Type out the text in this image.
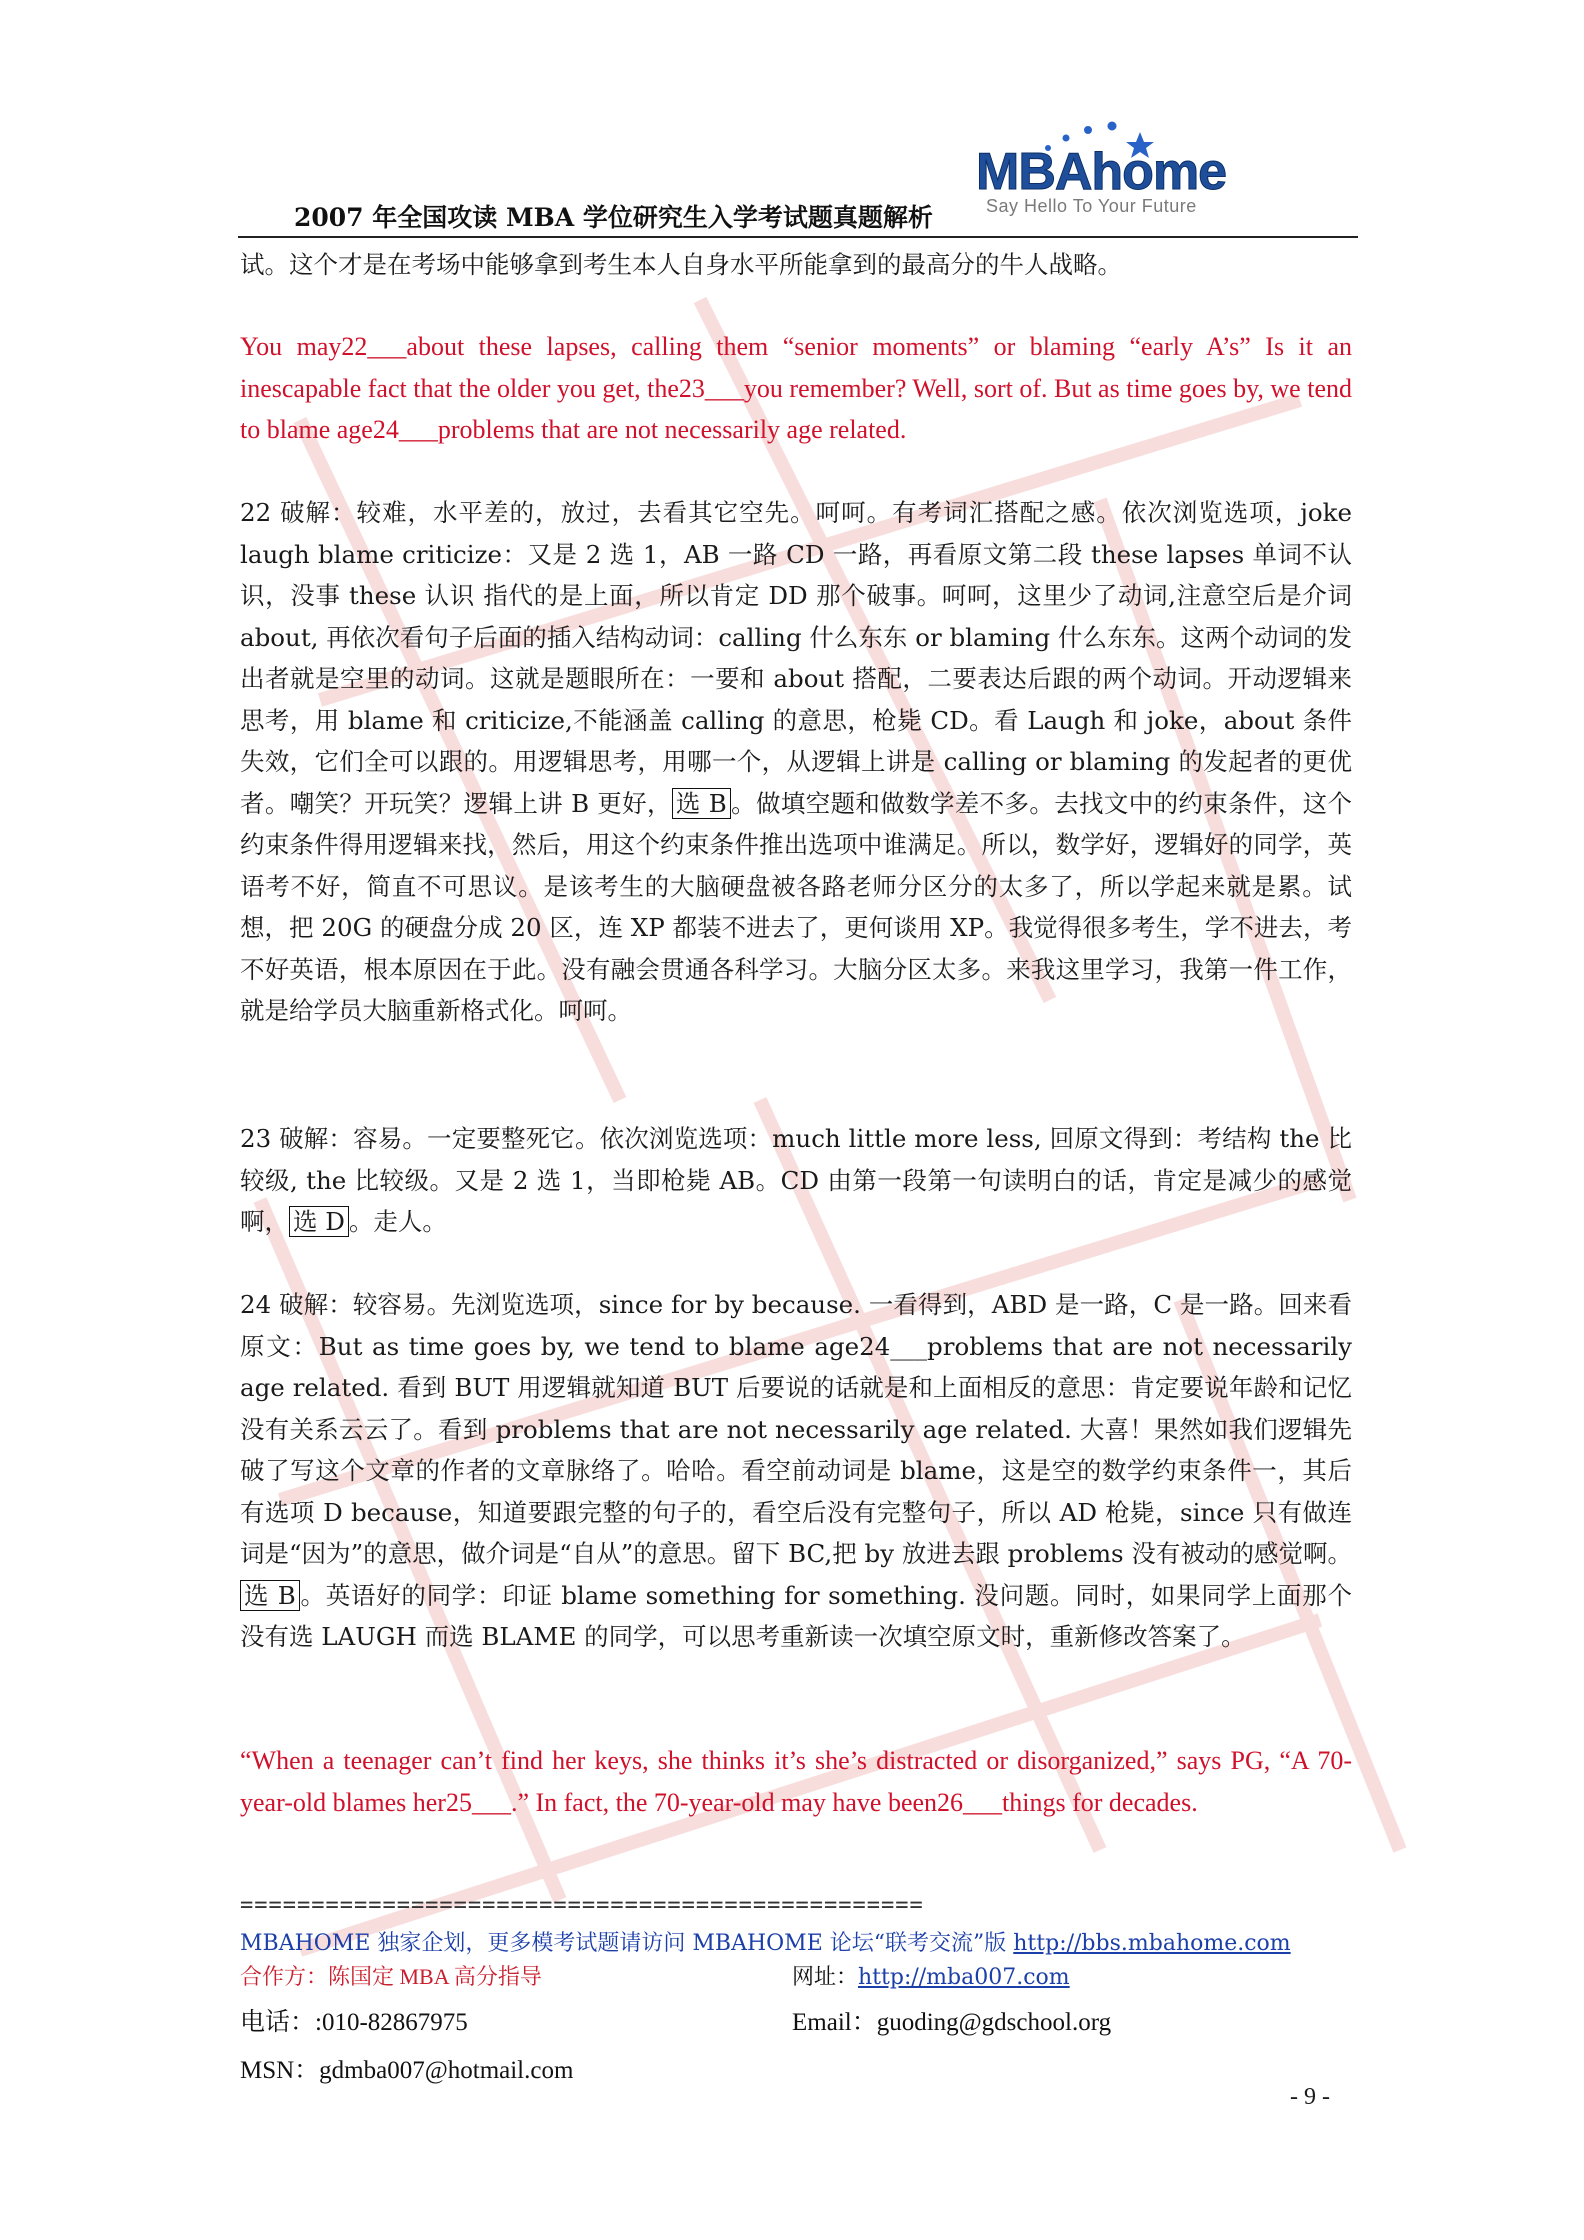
MBAhome
Say Hello To Your Future
2007 年全国攻读 MBA 学位研究生入学考试题真题解析
试。这个才是在考场中能够拿到考生本人自身水平所能拿到的最高分的牛人战略。
You may22___about these lapses, calling them “senior moments” or blaming “early A’s” Is it an inescapable fact that the older you get, the23___you remember? Well, sort of. But as time goes by, we tend to blame age24___problems that are not necessarily age related.
22 破解：较难，水平差的，放过，去看其它空先。呵呵。有考词汇搭配之感。依次浏览选项，joke laugh blame criticize：又是 2 选 1，AB 一路 CD 一路，再看原文第二段 these lapses 单词不认识，没事 these 认识 指代的是上面，所以肯定 DD 那个破事。呵呵，这里少了动词,注意空后是介词 about, 再依次看句子后面的插入结构动词：calling 什么东东 or blaming 什么东东。这两个动词的发出者就是空里的动词。这就是题眼所在：一要和 about 搭配，二要表达后跟的两个动词。开动逻辑来思考，用 blame 和 criticize,不能涵盖 calling 的意思，枪毙 CD。看 Laugh 和 joke，about 条件失效，它们全可以跟的。用逻辑思考，用哪一个，从逻辑上讲是 calling or blaming 的发起者的更优者。嘲笑？开玩笑？逻辑上讲 B 更好， 选 B 。做填空题和做数学差不多。去找文中的约束条件，这个约束条件得用逻辑来找，然后，用这个约束条件推出选项中谁满足。所以，数学好，逻辑好的同学，英语考不好，简直不可思议。是该考生的大脑硬盘被各路老师分区分的太多了，所以学起来就是累。试想，把 20G 的硬盘分成 20 区，连 XP 都装不进去了，更何谈用 XP。我觉得很多考生，学不进去，考不好英语，根本原因在于此。没有融会贯通各科学习。大脑分区太多。来我这里学习，我第一件工作，就是给学员大脑重新格式化。呵呵。
23 破解：容易。一定要整死它。依次浏览选项：much little more less, 回原文得到：考结构 the 比较级, the 比较级。又是 2 选 1，当即枪毙 AB。CD 由第一段第一句读明白的话，肯定是减少的感觉啊， 选 D 。走人。
24 破解：较容易。先浏览选项，since for by because. 一看得到，ABD 是一路，C 是一路。回来看原文：But as time goes by, we tend to blame age24___problems that are not necessarily age related. 看到 BUT 用逻辑就知道 BUT 后要说的话就是和上面相反的意思：肯定要说年龄和记忆没有关系云云了。看到 problems that are not necessarily age related. 大喜！果然如我们逻辑先破了写这个文章的作者的文章脉络了。哈哈。看空前动词是 blame，这是空的数学约束条件一，其后有选项 D because，知道要跟完整的句子的，看空后没有完整句子，所以 AD 枪毙，since 只有做连词是“因为”的意思，做介词是“自从”的意思。留下 BC,把 by 放进去跟 problems 没有被动的感觉啊。选 B 。英语好的同学：印证 blame something for something. 没问题。同时，如果同学上面那个没有选 LAUGH 而选 BLAME 的同学，可以思考重新读一次填空原文时，重新修改答案了。
“When a teenager can’t find her keys, she thinks it’s she’s distracted or disorganized,” says PG, “A 70-year-old blames her25___.” In fact, the 70-year-old may have been26___things for decades.
================================================
MBAHOME 独家企划，更多模考试题请访问 MBAHOME 论坛“联考交流”版 http://bbs.mbahome.com
合作方：陈国定 MBA 高分指导	网址：http://mba007.com
电话：:010-82867975	Email：guoding@gdschool.org
MSN：gdmba007@hotmail.com
- 9 -
